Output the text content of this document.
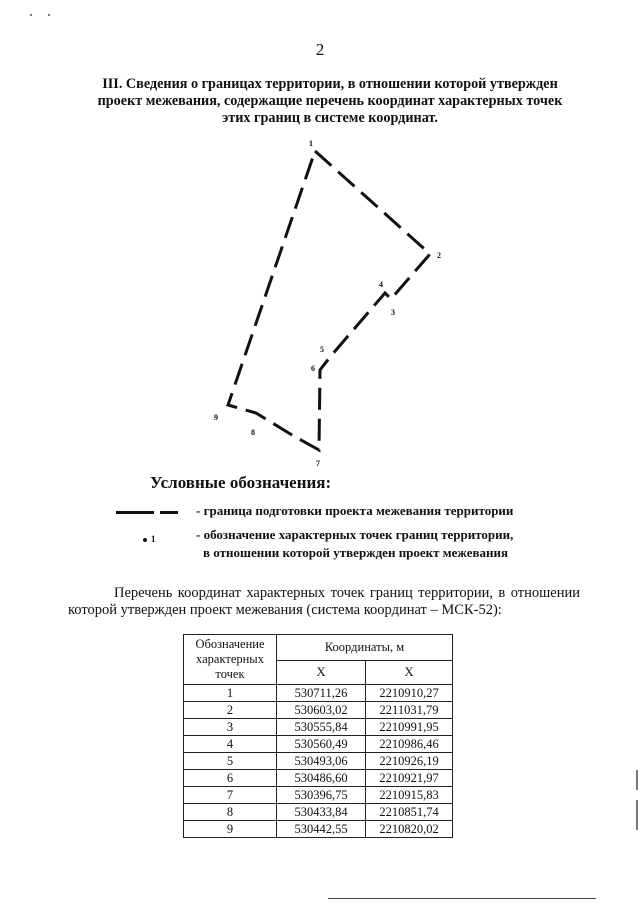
2
III. Сведения о границах территории, в отношении которой утвержден
проект межевания, содержащие перечень координат характерных точек
этих границ в системе координат.
1
2
3
4
5
6
7
8
9
Условные обозначения:
- граница подготовки проекта межевания территории
1	- обозначение характерных точек границ территории,
в отношении которой утвержден проект межевания
Перечень координат характерных точек границ территории, в отношении
которой утвержден проект межевания (система координат – МСК-52):
Обозначение характерных точек	Координаты, м	
	X	X
1	530711,26	2210910,27
2	530603,02	2211031,79
3	530555,84	2210991,95
4	530560,49	2210986,46
5	530493,06	2210926,19
6	530486,60	2210921,97
7	530396,75	2210915,83
8	530433,84	2210851,74
9	530442,55	2210820,02
